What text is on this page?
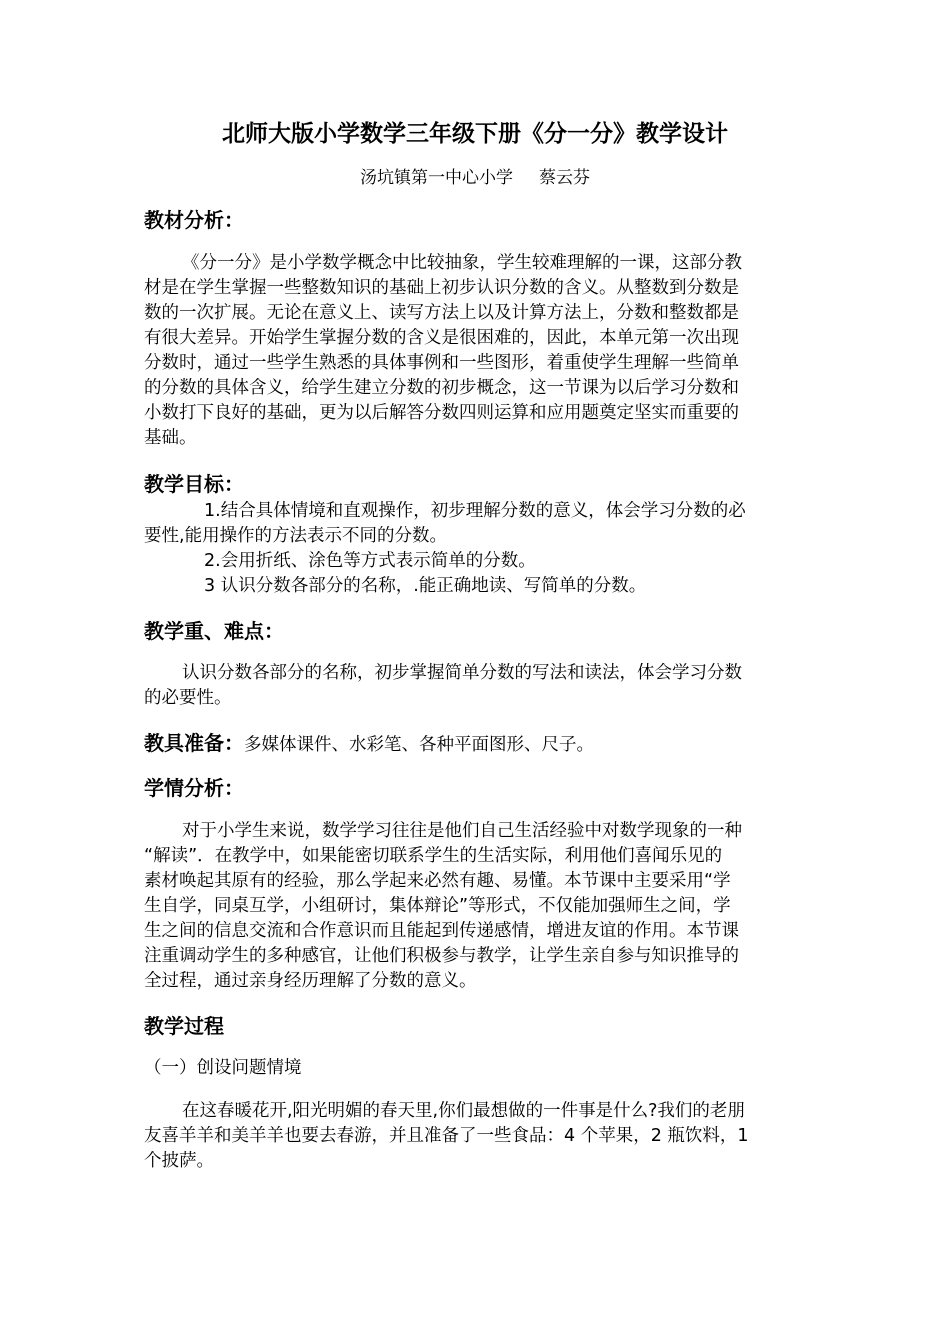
北师大版小学数学三年级下册《分一分》教学设计
汤坑镇第一中心小学 蔡云芬
教材分析：
《分一分》是小学数学概念中比较抽象，学生较难理解的一课，这部分教
材是在学生掌握一些整数知识的基础上初步认识分数的含义。从整数到分数是
数的一次扩展。无论在意义上、读写方法上以及计算方法上，分数和整数都是
有很大差异。开始学生掌握分数的含义是很困难的，因此，本单元第一次出现
分数时，通过一些学生熟悉的具体事例和一些图形，着重使学生理解一些简单
的分数的具体含义，给学生建立分数的初步概念，这一节课为以后学习分数和
小数打下良好的基础，更为以后解答分数四则运算和应用题奠定坚实而重要的
基础。
教学目标：
1.结合具体情境和直观操作，初步理解分数的意义，体会学习分数的必
要性,能用操作的方法表示不同的分数。
2.会用折纸、涂色等方式表示简单的分数。
3 认识分数各部分的名称，.能正确地读、写简单的分数。
教学重、难点：
认识分数各部分的名称，初步掌握简单分数的写法和读法，体会学习分数
的必要性。
教具准备：多媒体课件、水彩笔、各种平面图形、尺子。
学情分析：
对于小学生来说，数学学习往往是他们自己生活经验中对数学现象的一种
“解读”．在教学中，如果能密切联系学生的生活实际，利用他们喜闻乐见的
素材唤起其原有的经验，那么学起来必然有趣、易懂。本节课中主要采用“学
生自学，同桌互学，小组研讨，集体辩论”等形式，不仅能加强师生之间，学
生之间的信息交流和合作意识而且能起到传递感情，增进友谊的作用。本节课
注重调动学生的多种感官，让他们积极参与教学，让学生亲自参与知识推导的
全过程，通过亲身经历理解了分数的意义。
教学过程
（一）创设问题情境
在这春暖花开,阳光明媚的春天里,你们最想做的一件事是什么?我们的老朋
友喜羊羊和美羊羊也要去春游，并且准备了一些食品：4 个苹果，2 瓶饮料，1
个披萨。
